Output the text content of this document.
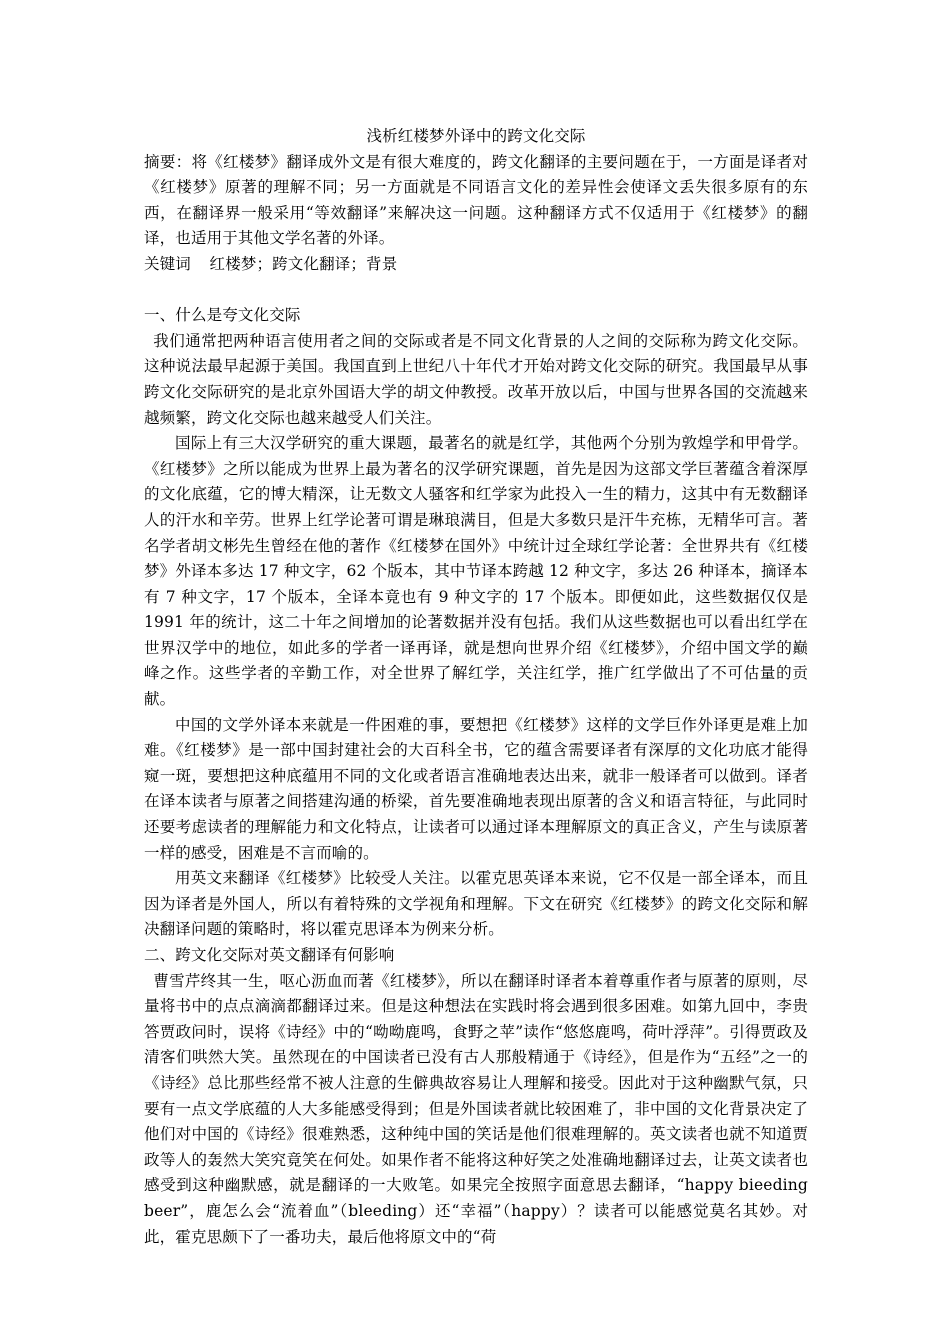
浅析红楼梦外译中的跨文化交际

摘要：将《红楼梦》翻译成外文是有很大难度的，跨文化翻译的主要问题在于，一方面是译者对《红楼梦》原著的理解不同；另一方面就是不同语言文化的差异性会使译文丢失很多原有的东西，在翻译界一般采用“等效翻译”来解决这一问题。这种翻译方式不仅适用于《红楼梦》的翻译，也适用于其他文学名著的外译。

关键词 红楼梦；跨文化翻译；背景

一、什么是夸文化交际

我们通常把两种语言使用者之间的交际或者是不同文化背景的人之间的交际称为跨文化交际。这种说法最早起源于美国。我国直到上世纪八十年代才开始对跨文化交际的研究。我国最早从事跨文化交际研究的是北京外国语大学的胡文仲教授。改革开放以后，中国与世界各国的交流越来越频繁，跨文化交际也越来越受人们关注。

国际上有三大汉学研究的重大课题，最著名的就是红学，其他两个分别为敦煌学和甲骨学。《红楼梦》之所以能成为世界上最为著名的汉学研究课题，首先是因为这部文学巨著蕴含着深厚的文化底蕴，它的博大精深，让无数文人骚客和红学家为此投入一生的精力，这其中有无数翻译人的汗水和辛劳。世界上红学论著可谓是琳琅满目，但是大多数只是汗牛充栋，无精华可言。著名学者胡文彬先生曾经在他的著作《红楼梦在国外》中统计过全球红学论著：全世界共有《红楼梦》外译本多达 17 种文字，62 个版本，其中节译本跨越 12 种文字，多达 26 种译本，摘译本有 7 种文字，17 个版本，全译本竟也有 9 种文字的 17 个版本。即便如此，这些数据仅仅是 1991 年的统计，这二十年之间增加的论著数据并没有包括。我们从这些数据也可以看出红学在世界汉学中的地位，如此多的学者一译再译，就是想向世界介绍《红楼梦》，介绍中国文学的巅峰之作。这些学者的辛勤工作，对全世界了解红学，关注红学，推广红学做出了不可估量的贡献。

中国的文学外译本来就是一件困难的事，要想把《红楼梦》这样的文学巨作外译更是难上加难。《红楼梦》是一部中国封建社会的大百科全书，它的蕴含需要译者有深厚的文化功底才能得窥一斑，要想把这种底蕴用不同的文化或者语言准确地表达出来，就非一般译者可以做到。译者在译本读者与原著之间搭建沟通的桥梁，首先要准确地表现出原著的含义和语言特征，与此同时还要考虑读者的理解能力和文化特点，让读者可以通过译本理解原文的真正含义，产生与读原著一样的感受，困难是不言而喻的。

用英文来翻译《红楼梦》比较受人关注。以霍克思英译本来说，它不仅是一部全译本，而且因为译者是外国人，所以有着特殊的文学视角和理解。下文在研究《红楼梦》的跨文化交际和解决翻译问题的策略时，将以霍克思译本为例来分析。

二、跨文化交际对英文翻译有何影响

曹雪芹终其一生，呕心沥血而著《红楼梦》，所以在翻译时译者本着尊重作者与原著的原则，尽量将书中的点点滴滴都翻译过来。但是这种想法在实践时将会遇到很多困难。如第九回中，李贵答贾政问时，误将《诗经》中的“呦呦鹿鸣，食野之苹”读作“悠悠鹿鸣，荷叶浮萍”。引得贾政及清客们哄然大笑。虽然现在的中国读者已没有古人那般精通于《诗经》，但是作为“五经”之一的《诗经》总比那些经常不被人注意的生僻典故容易让人理解和接受。因此对于这种幽默气氛，只要有一点文学底蕴的人大多能感受得到；但是外国读者就比较困难了，非中国的文化背景决定了他们对中国的《诗经》很难熟悉，这种纯中国的笑话是他们很难理解的。英文读者也就不知道贾政等人的轰然大笑究竟笑在何处。如果作者不能将这种好笑之处准确地翻译过去，让英文读者也感受到这种幽默感，就是翻译的一大败笔。如果完全按照字面意思去翻译，“happy bieeding beer”，鹿怎么会“流着血”（bleeding）还“幸福”（happy）？读者可以能感觉莫名其妙。对此，霍克思颇下了一番功夫，最后他将原文中的“荷
